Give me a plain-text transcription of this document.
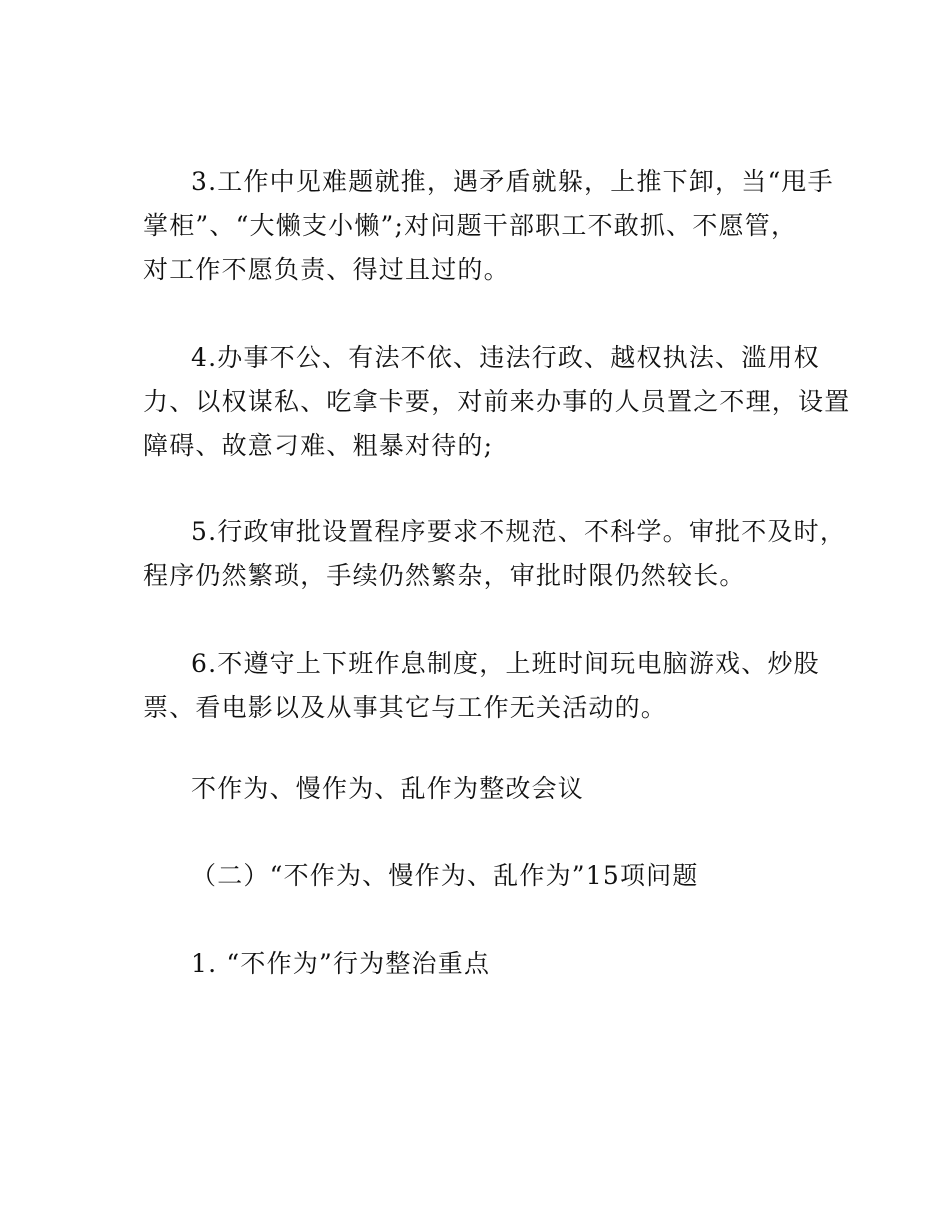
3.工作中见难题就推，遇矛盾就躲，上推下卸，当“甩手
掌柜”、“大懒支小懒”;对问题干部职工不敢抓、不愿管，
对工作不愿负责、得过且过的。

4.办事不公、有法不依、违法行政、越权执法、滥用权
力、以权谋私、吃拿卡要，对前来办事的人员置之不理，设置
障碍、故意刁难、粗暴对待的;

5.行政审批设置程序要求不规范、不科学。审批不及时，
程序仍然繁琐，手续仍然繁杂，审批时限仍然较长。

6.不遵守上下班作息制度，上班时间玩电脑游戏、炒股
票、看电影以及从事其它与工作无关活动的。

不作为、慢作为、乱作为整改会议

（二）“不作为、慢作为、乱作为”15项问题

1. “不作为”行为整治重点
